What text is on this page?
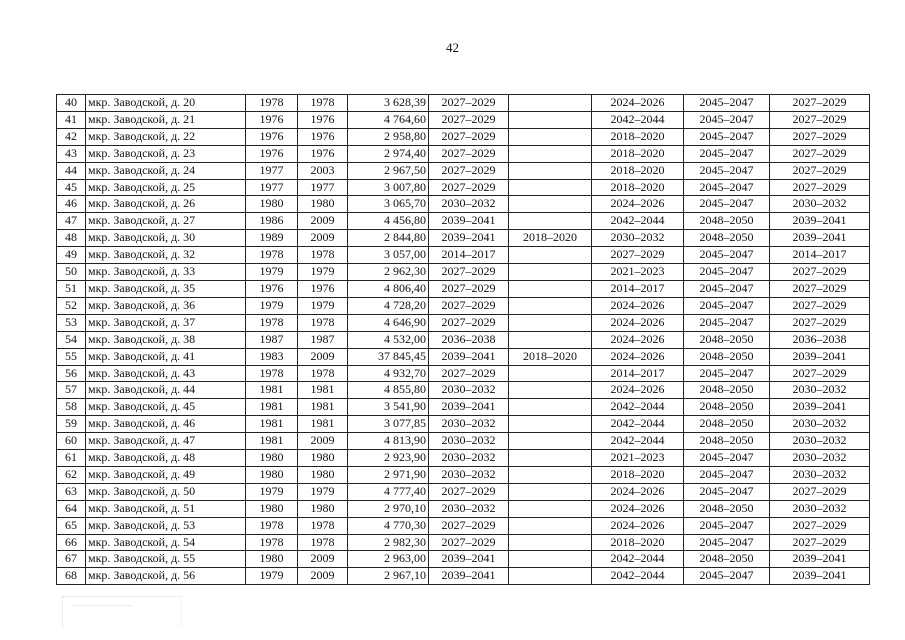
42
40	мкр. Заводской, д. 20	1978	1978	3 628,39	2027–2029		2024–2026	2045–2047	2027–2029
41	мкр. Заводской, д. 21	1976	1976	4 764,60	2027–2029		2042–2044	2045–2047	2027–2029
42	мкр. Заводской, д. 22	1976	1976	2 958,80	2027–2029		2018–2020	2045–2047	2027–2029
43	мкр. Заводской, д. 23	1976	1976	2 974,40	2027–2029		2018–2020	2045–2047	2027–2029
44	мкр. Заводской, д. 24	1977	2003	2 967,50	2027–2029		2018–2020	2045–2047	2027–2029
45	мкр. Заводской, д. 25	1977	1977	3 007,80	2027–2029		2018–2020	2045–2047	2027–2029
46	мкр. Заводской, д. 26	1980	1980	3 065,70	2030–2032		2024–2026	2045–2047	2030–2032
47	мкр. Заводской, д. 27	1986	2009	4 456,80	2039–2041		2042–2044	2048–2050	2039–2041
48	мкр. Заводской, д. 30	1989	2009	2 844,80	2039–2041	2018–2020	2030–2032	2048–2050	2039–2041
49	мкр. Заводской, д. 32	1978	1978	3 057,00	2014–2017		2027–2029	2045–2047	2014–2017
50	мкр. Заводской, д. 33	1979	1979	2 962,30	2027–2029		2021–2023	2045–2047	2027–2029
51	мкр. Заводской, д. 35	1976	1976	4 806,40	2027–2029		2014–2017	2045–2047	2027–2029
52	мкр. Заводской, д. 36	1979	1979	4 728,20	2027–2029		2024–2026	2045–2047	2027–2029
53	мкр. Заводской, д. 37	1978	1978	4 646,90	2027–2029		2024–2026	2045–2047	2027–2029
54	мкр. Заводской, д. 38	1987	1987	4 532,00	2036–2038		2024–2026	2048–2050	2036–2038
55	мкр. Заводской, д. 41	1983	2009	37 845,45	2039–2041	2018–2020	2024–2026	2048–2050	2039–2041
56	мкр. Заводской, д. 43	1978	1978	4 932,70	2027–2029		2014–2017	2045–2047	2027–2029
57	мкр. Заводской, д. 44	1981	1981	4 855,80	2030–2032		2024–2026	2048–2050	2030–2032
58	мкр. Заводской, д. 45	1981	1981	3 541,90	2039–2041		2042–2044	2048–2050	2039–2041
59	мкр. Заводской, д. 46	1981	1981	3 077,85	2030–2032		2042–2044	2048–2050	2030–2032
60	мкр. Заводской, д. 47	1981	2009	4 813,90	2030–2032		2042–2044	2048–2050	2030–2032
61	мкр. Заводской, д. 48	1980	1980	2 923,90	2030–2032		2021–2023	2045–2047	2030–2032
62	мкр. Заводской, д. 49	1980	1980	2 971,90	2030–2032		2018–2020	2045–2047	2030–2032
63	мкр. Заводской, д. 50	1979	1979	4 777,40	2027–2029		2024–2026	2045–2047	2027–2029
64	мкр. Заводской, д. 51	1980	1980	2 970,10	2030–2032		2024–2026	2048–2050	2030–2032
65	мкр. Заводской, д. 53	1978	1978	4 770,30	2027–2029		2024–2026	2045–2047	2027–2029
66	мкр. Заводской, д. 54	1978	1978	2 982,30	2027–2029		2018–2020	2045–2047	2027–2029
67	мкр. Заводской, д. 55	1980	2009	2 963,00	2039–2041		2042–2044	2048–2050	2039–2041
68	мкр. Заводской, д. 56	1979	2009	2 967,10	2039–2041		2042–2044	2045–2047	2039–2041
